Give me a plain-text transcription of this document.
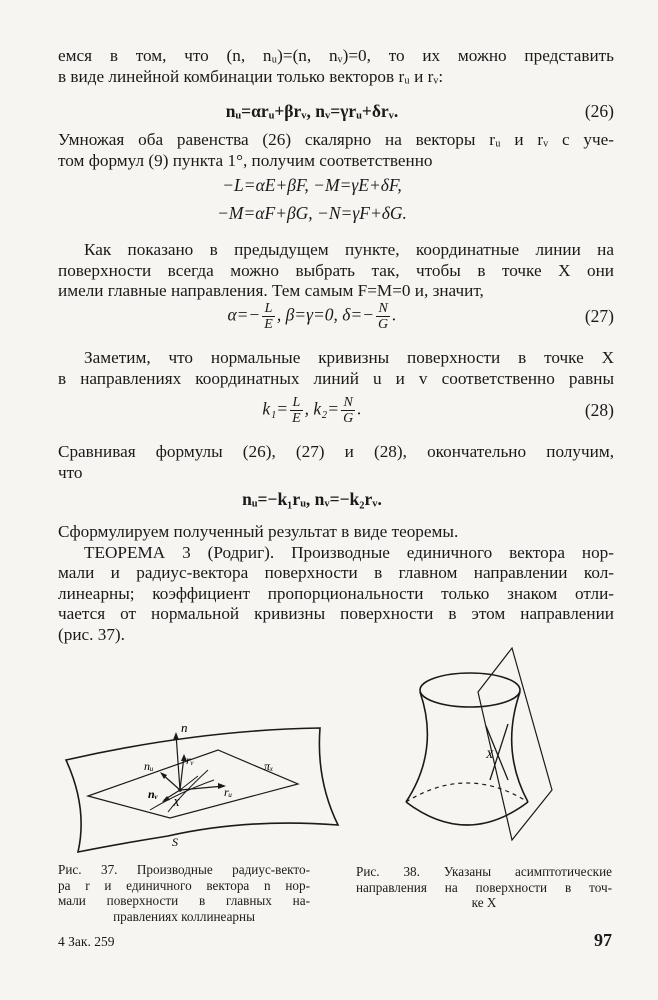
емся в том, что (n, nᵤ)=(n, nᵥ)=0, то их можно представить
в виде линейной комбинации только векторов rᵤ и rᵥ:
nᵤ=αrᵤ+βrᵥ, nᵥ=γrᵤ+δrᵥ.	(26)
Умножая оба равенства (26) скалярно на векторы rᵤ и rᵥ с уче-
том формул (9) пункта 1°, получим соответственно
−L=αE+βF, −M=γE+δF,
−M=αF+βG, −N=γF+δG.
Как показано в предыдущем пункте, координатные линии на
поверхности всегда можно выбрать так, чтобы в точке X они
имели главные направления. Тем самым F=M=0 и, значит,
$\alpha=- \frac{L}{E}$ , β=γ=0, $\delta=- \frac{N}{G}$ .	(27)
Заметим, что нормальные кривизны поверхности в точке X
в направлениях координатных линий u и v соответственно равны
$k_1= \frac{L}{E}$ , $k_2= \frac{N}{G}$ .	(28)
Сравнивая формулы (26), (27) и (28), окончательно получим,
что
nᵤ=−k₁rᵤ, nᵥ=−k₂rᵥ.
Сформулируем полученный результат в виде теоремы.
ТЕОРЕМА 3 (Родриг). Производные единичного вектора нор-
мали и радиус-вектора поверхности в главном направлении кол-
линеарны; коэффициент пропорциональности только знаком отли-
чается от нормальной кривизны поверхности в этом направлении
(рис. 37).
n
nᵤ	rᵥ
rᵤ
nᵥ
X
πₓ
S
X
Рис. 37. Производные радиус-векто-
ра r и единичного вектора n нор-
мали поверхности в главных на-
правлениях коллинеарны
Рис. 38. Указаны асимптотические
направления на поверхности в точ-
ке X
4 Зак. 259	97
